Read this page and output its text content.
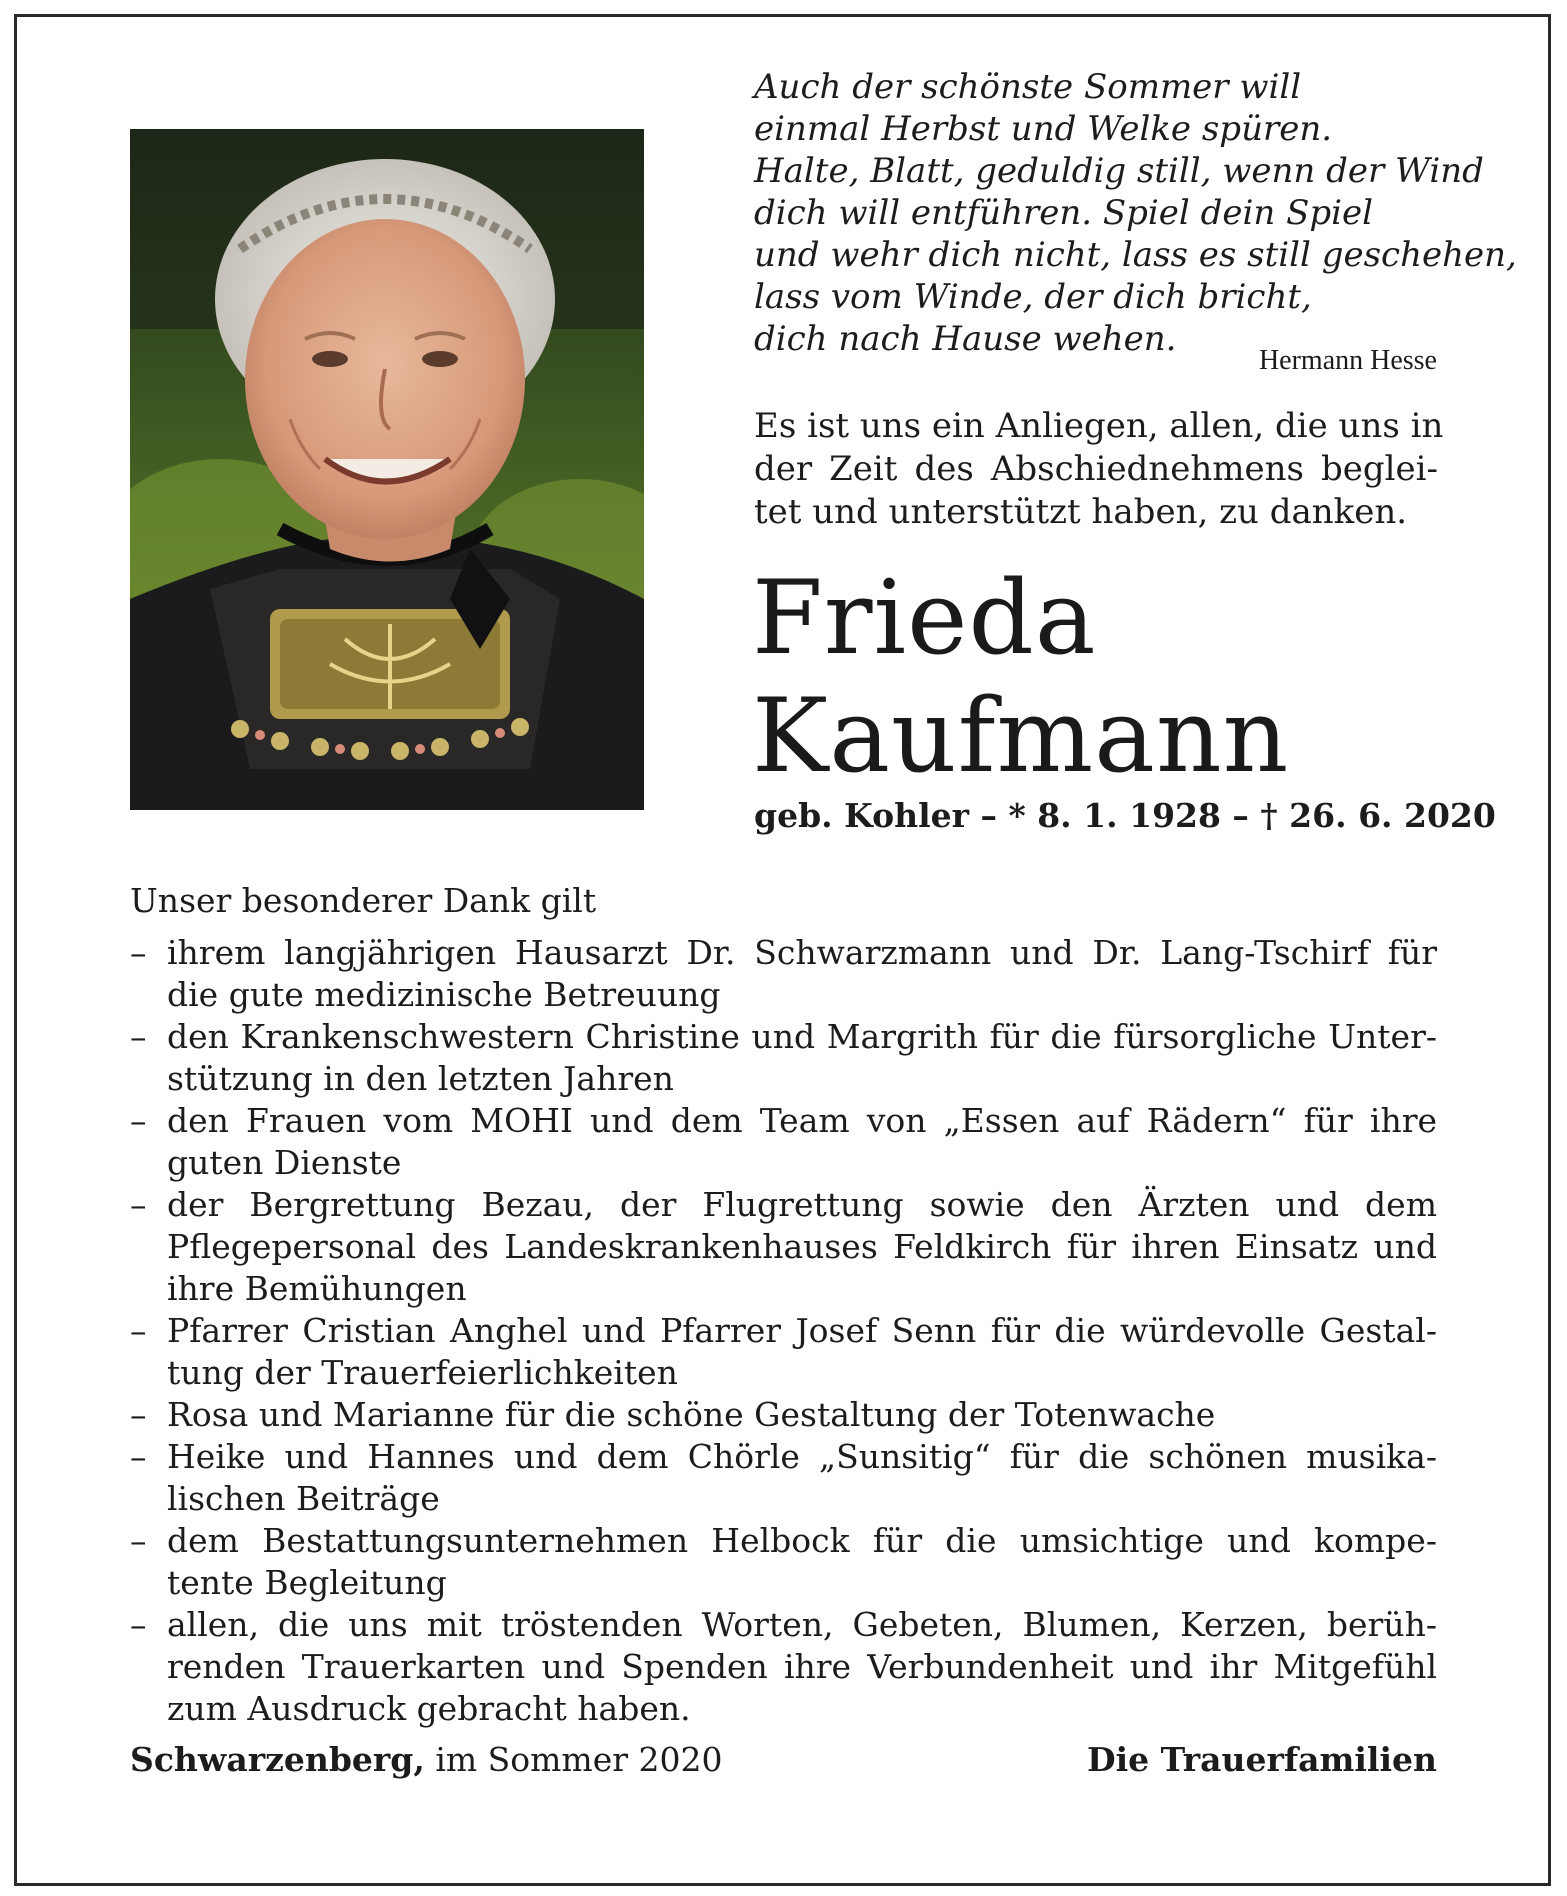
Auch der schönste Sommer will
einmal Herbst und Welke spüren.
Halte, Blatt, geduldig still, wenn der Wind
dich will entführen. Spiel dein Spiel
und wehr dich nicht, lass es still geschehen,
lass vom Winde, der dich bricht,
dich nach Hause wehen.
Hermann Hesse
Es ist uns ein Anliegen, allen, die uns in
der Zeit des Abschiednehmens beglei-
tet und unterstützt haben, zu danken.
Frieda
Kaufmann
geb. Kohler – * 8. 1. 1928 – † 26. 6. 2020
Unser besonderer Dank gilt
– ihrem langjährigen Hausarzt Dr. Schwarzmann und Dr. Lang-Tschirf für
die gute medizinische Betreuung
– den Krankenschwestern Christine und Margrith für die fürsorgliche Unter-
stützung in den letzten Jahren
– den Frauen vom MOHI und dem Team von „Essen auf Rädern“ für ihre
guten Dienste
– der Bergrettung Bezau, der Flugrettung sowie den Ärzten und dem
Pflegepersonal des Landeskrankenhauses Feldkirch für ihren Einsatz und
ihre Bemühungen
– Pfarrer Cristian Anghel und Pfarrer Josef Senn für die würdevolle Gestal-
tung der Trauerfeierlichkeiten
– Rosa und Marianne für die schöne Gestaltung der Totenwache
– Heike und Hannes und dem Chörle „Sunsitig“ für die schönen musika-
lischen Beiträge
– dem Bestattungsunternehmen Helbock für die umsichtige und kompe-
tente Begleitung
– allen, die uns mit tröstenden Worten, Gebeten, Blumen, Kerzen, berüh-
renden Trauerkarten und Spenden ihre Verbundenheit und ihr Mitgefühl
zum Ausdruck gebracht haben.
Schwarzenberg, im Sommer 2020	Die Trauerfamilien
